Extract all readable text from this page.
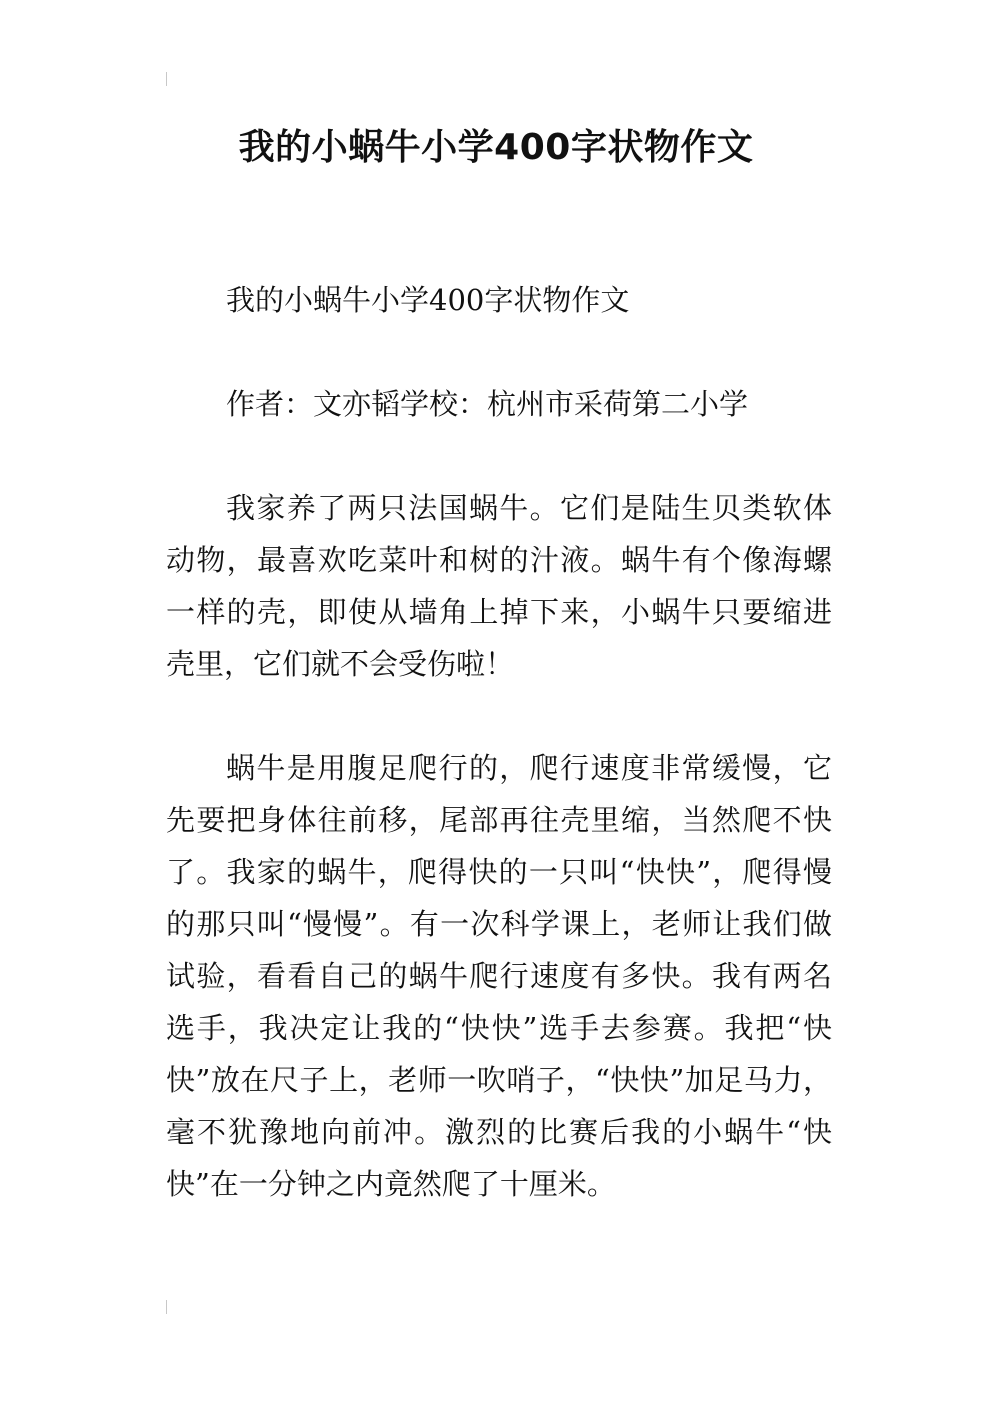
我的小蜗牛小学400字状物作文

我的小蜗牛小学400字状物作文

作者：文亦韬学校：杭州市采荷第二小学

我家养了两只法国蜗牛。它们是陆生贝类软体动物，最喜欢吃菜叶和树的汁液。蜗牛有个像海螺一样的壳，即使从墙角上掉下来，小蜗牛只要缩进壳里，它们就不会受伤啦！

蜗牛是用腹足爬行的，爬行速度非常缓慢，它先要把身体往前移，尾部再往壳里缩，当然爬不快了。我家的蜗牛，爬得快的一只叫“快快”，爬得慢的那只叫“慢慢”。有一次科学课上，老师让我们做试验，看看自己的蜗牛爬行速度有多快。我有两名选手，我决定让我的“快快”选手去参赛。我把“快快”放在尺子上，老师一吹哨子，“快快”加足马力，毫不犹豫地向前冲。激烈的比赛后我的小蜗牛“快快”在一分钟之内竟然爬了十厘米。
